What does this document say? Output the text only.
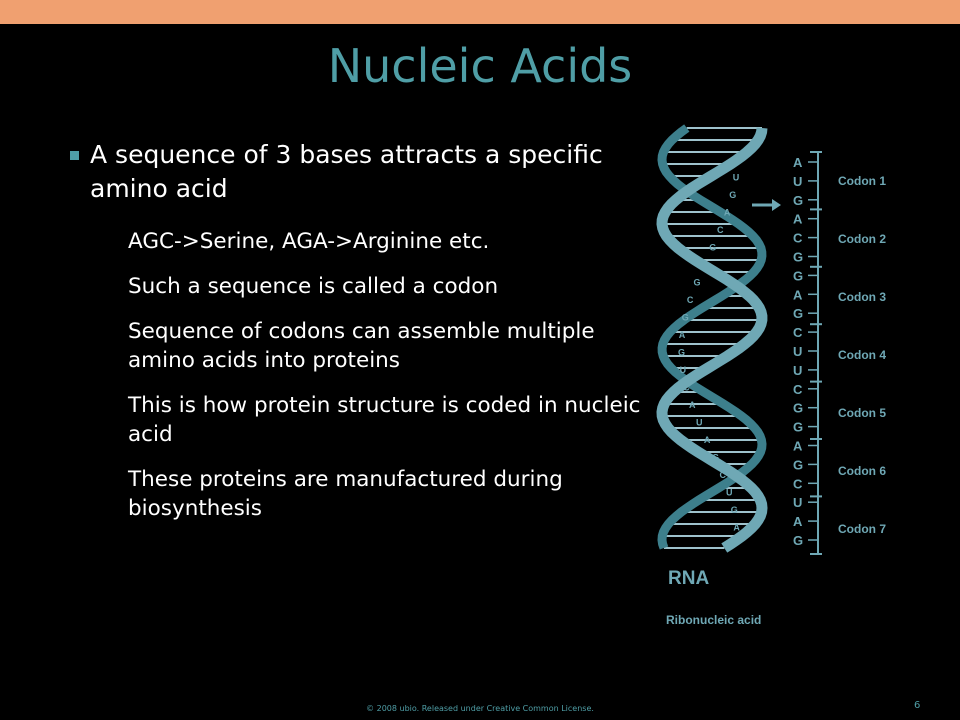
Nucleic Acids
A sequence of 3 bases attracts a specific amino acid
AGC->Serine, AGA->Arginine etc.
Such a sequence is called a codon
Sequence of codons can assemble multiple amino acids into proteins
This is how protein structure is coded in nucleic acid
These proteins are manufactured during biosynthesis
A
U
G
A
C
G
A
G
C
G
A
G
U
C
A
U
A
G
C
U
G
A
A
U
G
A
C
G
G
A
G
C
U
U
C
G
G
A
G
C
U
A
G
Codon 1
Codon 2
Codon 3
Codon 4
Codon 5
Codon 6
Codon 7
RNA
Ribonucleic acid
© 2008 ubio. Released under Creative Common License.	6
